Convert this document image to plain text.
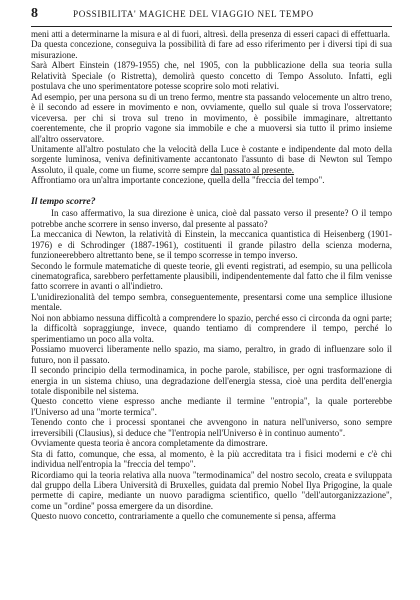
8	POSSIBILITA' MAGICHE DEL VIAGGIO NEL TEMPO

meni atti a determinarne la misura e al di fuori, altresì. della presenza di esseri capaci di effettuarla.

Da questa concezione, conseguiva la possibilità di fare ad esso riferimento per i diversi tipi di sua misurazione.

Sarà Albert Einstein (1879-1955) che, nel 1905, con la pubblicazione della sua teoria sulla Relatività Speciale (o Ristretta), demolirà questo concetto di Tempo Assoluto. Infatti, egli postulava che uno sperimentatore potesse scoprire solo moti relativi.

Ad esempio, per una persona su di un treno fermo, mentre sta passando velocemente un altro treno, è il secondo ad essere in movimento e non, ovviamente, quello sul quale si trova l'osservatore; viceversa. per chi si trova sul treno in movimento, è possibile immaginare, altrettanto coerentemente, che il proprio vagone sia immobile e che a muoversi sia tutto il primo insieme all'altro osservatore.

Unitamente all'altro postulato che la velocità della Luce è costante e indipendente dal moto della sorgente luminosa, veniva definitivamente accantonato l'assunto di base di Newton sul Tempo Assoluto, il quale, come un fiume, scorre sempre dal passato al presente.

Affrontiamo ora un'altra importante concezione, quella della "freccia del tempo".

Il tempo scorre?

In caso affermativo, la sua direzione è unica, cioè dal passato verso il presente? O il tempo potrebbe anche scorrere in senso inverso, dal presente al passato?

La meccanica di Newton, la relatività di Einstein, la meccanica quantistica di Heisenberg (1901-1976) e di Schrodinger (1887-1961), costituenti il grande pilastro della scienza moderna, funzioneerebbero altrettanto bene, se il tempo scorresse in tempo inverso.

Secondo le formule matematiche di queste teorie, gli eventi registrati, ad esempio, su una pellicola cinematografica, sarebbero perfettamente plausibili, indipendentemente dal fatto che il film venisse fatto scorrere in avanti o all'indietro.

L'unidirezionalità del tempo sembra, conseguentemente, presentarsi come una semplice illusione mentale.

Noi non abbiamo nessuna difficoltà a comprendere lo spazio, perché esso ci circonda da ogni parte; la difficoltà sopraggiunge, invece, quando tentiamo di comprendere il tempo, perché lo sperimentiamo un poco alla volta.

Possiamo muoverci liberamente nello spazio, ma siamo, peraltro, in grado di influenzare solo il futuro, non il passato.

Il secondo principio della termodinamica, in poche parole, stabilisce, per ogni trasformazione di energia in un sistema chiuso, una degradazione dell'energia stessa, cioè una perdita dell'energia totale disponibile nel sistema.

Questo concetto viene espresso anche mediante il termine "entropia", la quale porterebbe l'Universo ad una "morte termica".

Tenendo conto che i processi spontanei che avvengono in natura nell'universo, sono sempre irreversibili (Clausius), si deduce che "l'entropia nell'Universo è in continuo aumento".

Ovviamente questa teoria è ancora completamente da dimostrare.

Sta di fatto, comunque, che essa, al momento, è la più accreditata tra i fisici moderni e c'è chi individua nell'entropia la "freccia del tempo".

Ricordiamo qui la teoria relativa alla nuova "termodinamica" del nostro secolo, creata e sviluppata dal gruppo della Libera Università di Bruxelles, guidata dal premio Nobel Ilya Prigogine, la quale permette di capire, mediante un nuovo paradigma scientifico, quello "dell'autorganizzazione", come un "ordine" possa emergere da un disordine.

Questo nuovo concetto, contrariamente a quello che comunemente si pensa, afferma
